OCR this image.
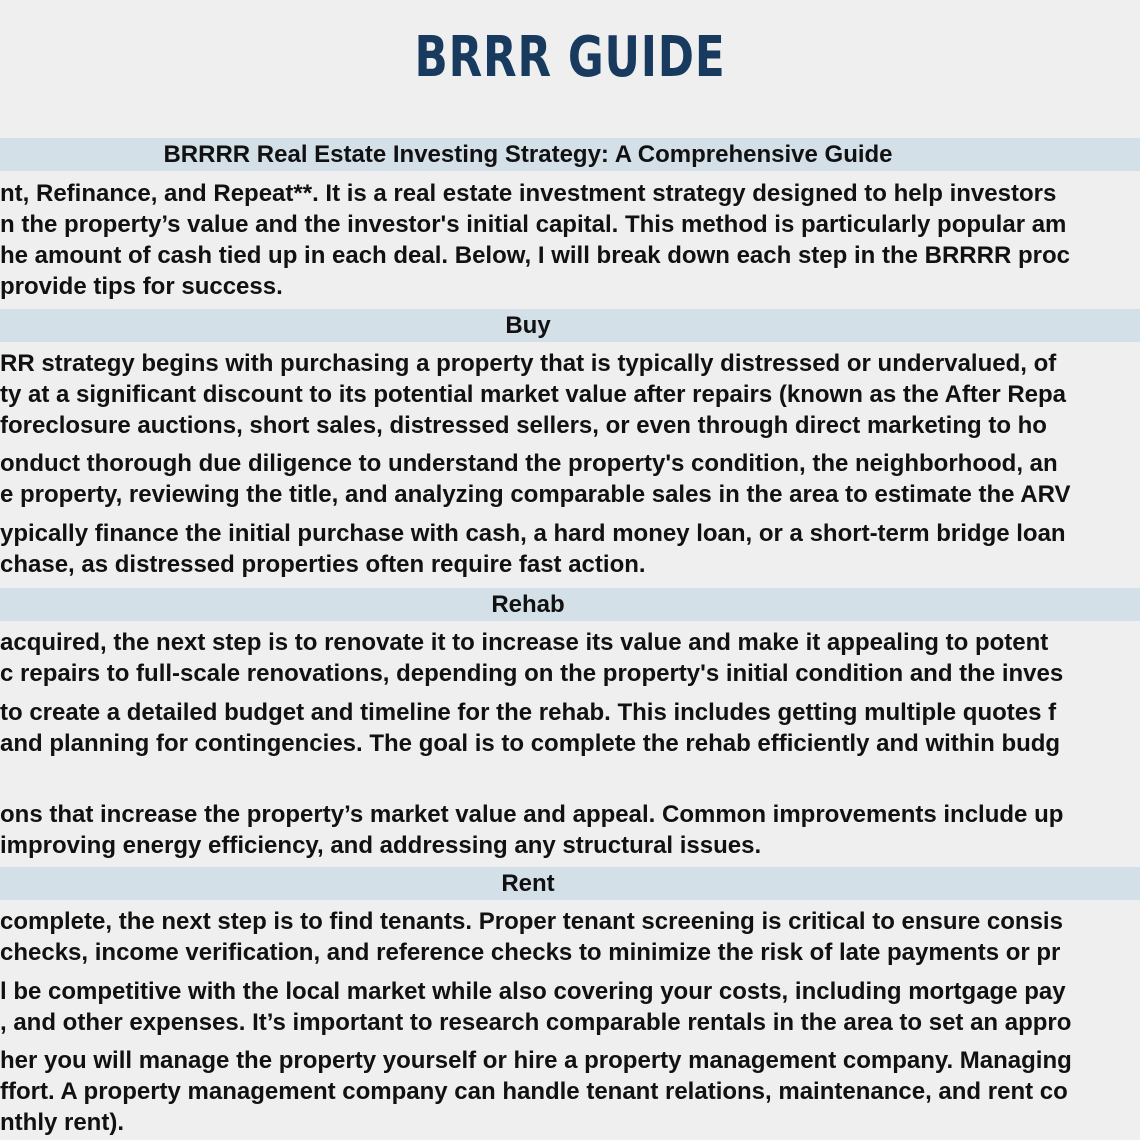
BRRRR Real Estate Investing Strategy: A Comprehensive Guide
nt, Refinance, and Repeat**. It is a real estate investment strategy designed to help investors
n the property’s value and the investor's initial capital. This method is particularly popular am
he amount of cash tied up in each deal. Below, I will break down each step in the BRRRR proc
provide tips for success.
Buy
RR strategy begins with purchasing a property that is typically distressed or undervalued, of
ty at a significant discount to its potential market value after repairs (known as the After Repa
foreclosure auctions, short sales, distressed sellers, or even through direct marketing to ho
onduct thorough due diligence to understand the property's condition, the neighborhood, an
e property, reviewing the title, and analyzing comparable sales in the area to estimate the ARV
ypically finance the initial purchase with cash, a hard money loan, or a short-term bridge loan
chase, as distressed properties often require fast action.
Rehab
acquired, the next step is to renovate it to increase its value and make it appealing to potent
c repairs to full-scale renovations, depending on the property's initial condition and the inves
to create a detailed budget and timeline for the rehab. This includes getting multiple quotes f
and planning for contingencies. The goal is to complete the rehab efficiently and within budg
ons that increase the property’s market value and appeal. Common improvements include up
improving energy efficiency, and addressing any structural issues.
Rent
complete, the next step is to find tenants. Proper tenant screening is critical to ensure consis
checks, income verification, and reference checks to minimize the risk of late payments or pr
l be competitive with the local market while also covering your costs, including mortgage pay
, and other expenses. It’s important to research comparable rentals in the area to set an appro
her you will manage the property yourself or hire a property management company. Managing
ffort. A property management company can handle tenant relations, maintenance, and rent co
nthly rent).
BRRR GUIDE
